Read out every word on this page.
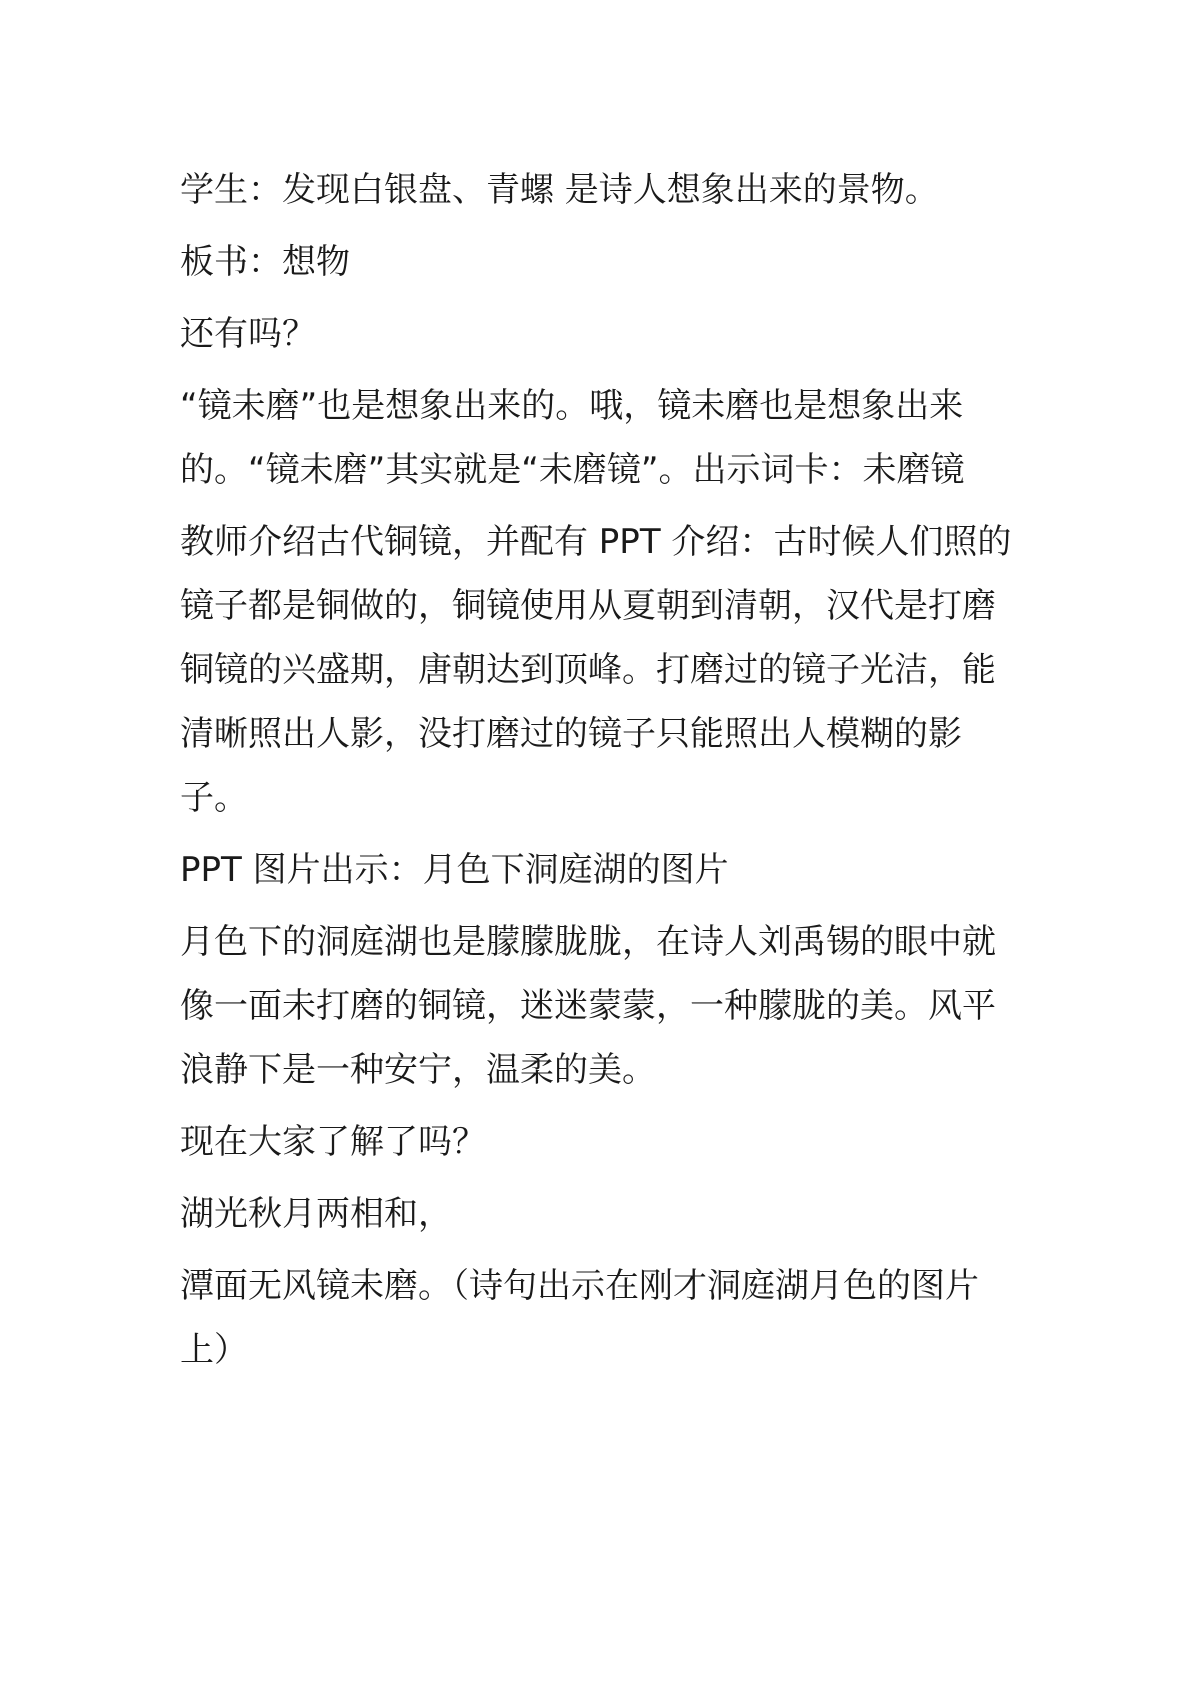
学生：发现白银盘、青螺 是诗人想象出来的景物。

板书：想物

还有吗？

“镜未磨”也是想象出来的。哦，镜未磨也是想象出来的。“镜未磨”其实就是“未磨镜”。出示词卡：未磨镜

教师介绍古代铜镜，并配有 PPT 介绍：古时候人们照的镜子都是铜做的，铜镜使用从夏朝到清朝，汉代是打磨铜镜的兴盛期，唐朝达到顶峰。打磨过的镜子光洁，能清晰照出人影，没打磨过的镜子只能照出人模糊的影子。

PPT 图片出示：月色下洞庭湖的图片

月色下的洞庭湖也是朦朦胧胧，在诗人刘禹锡的眼中就像一面未打磨的铜镜，迷迷蒙蒙，一种朦胧的美。风平浪静下是一种安宁，温柔的美。

现在大家了解了吗？

湖光秋月两相和，

潭面无风镜未磨。（诗句出示在刚才洞庭湖月色的图片上）
